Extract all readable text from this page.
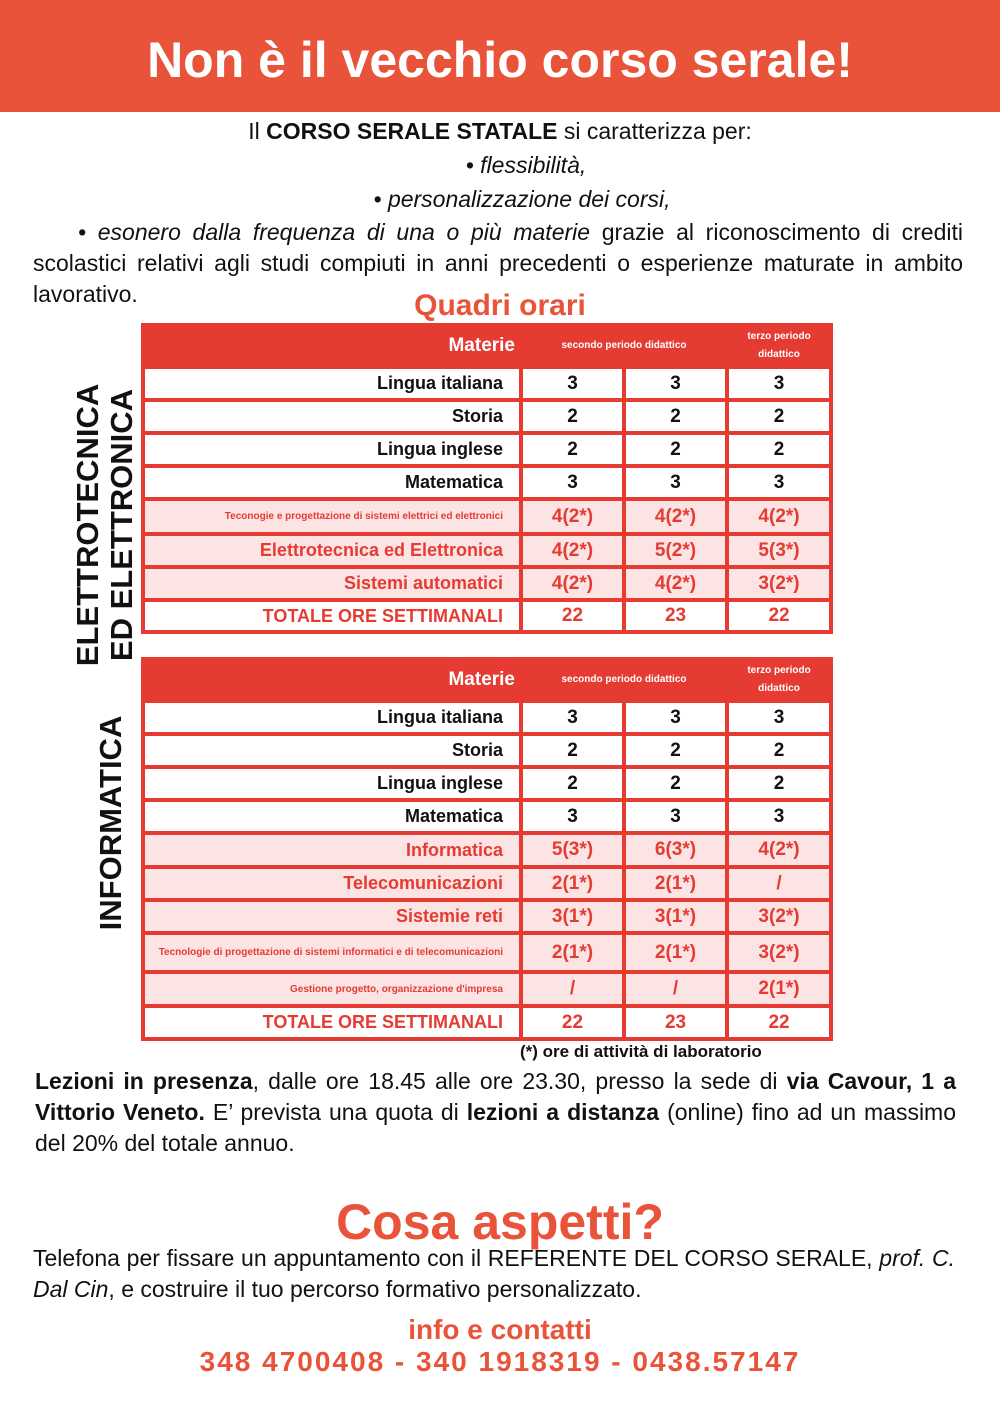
Non è il vecchio corso serale!
Il CORSO SERALE STATALE si caratterizza per:
• flessibilità,
• personalizzazione dei corsi,
• esonero dalla frequenza di una o più materie grazie al riconoscimento di crediti scolastici relativi agli studi compiuti in anni precedenti o esperienze maturate in ambito lavorativo.	Quadri orari
ELETTROTECNICA ED ELETTRONICA
Materie	secondo periodo didattico		terzo periodo didattico
Lingua italiana	3	3	3
Storia	2	2	2
Lingua inglese	2	2	2
Matematica	3	3	3
Teconogie e progettazione di sistemi elettrici ed elettronici	4(2*)	4(2*)	4(2*)
Elettrotecnica ed Elettronica	4(2*)	5(2*)	5(3*)
Sistemi automatici	4(2*)	4(2*)	3(2*)
TOTALE ORE SETTIMANALI	22	23	22
INFORMATICA
Materie	secondo periodo didattico		terzo periodo didattico
Lingua italiana	3	3	3
Storia	2	2	2
Lingua inglese	2	2	2
Matematica	3	3	3
Informatica	5(3*)	6(3*)	4(2*)
Telecomunicazioni	2(1*)	2(1*)	/
Sistemie reti	3(1*)	3(1*)	3(2*)
Tecnologie di progettazione di sistemi informatici e di telecomunicazioni	2(1*)	2(1*)	3(2*)
Gestione progetto, organizzazione d'impresa	/	/	2(1*)
TOTALE ORE SETTIMANALI	22	23	22
(*) ore di attività di laboratorio
Lezioni in presenza, dalle ore 18.45 alle ore 23.30, presso la sede di via Cavour, 1 a Vittorio Veneto. E’ prevista una quota di lezioni a distanza (online) fino ad un massimo del 20% del totale annuo.
Cosa aspetti?
Telefona per fissare un appuntamento con il REFERENTE DEL CORSO SERALE, prof. C. Dal Cin, e costruire il tuo percorso formativo personalizzato.
info e contatti
348 4700408 - 340 1918319 - 0438.57147
